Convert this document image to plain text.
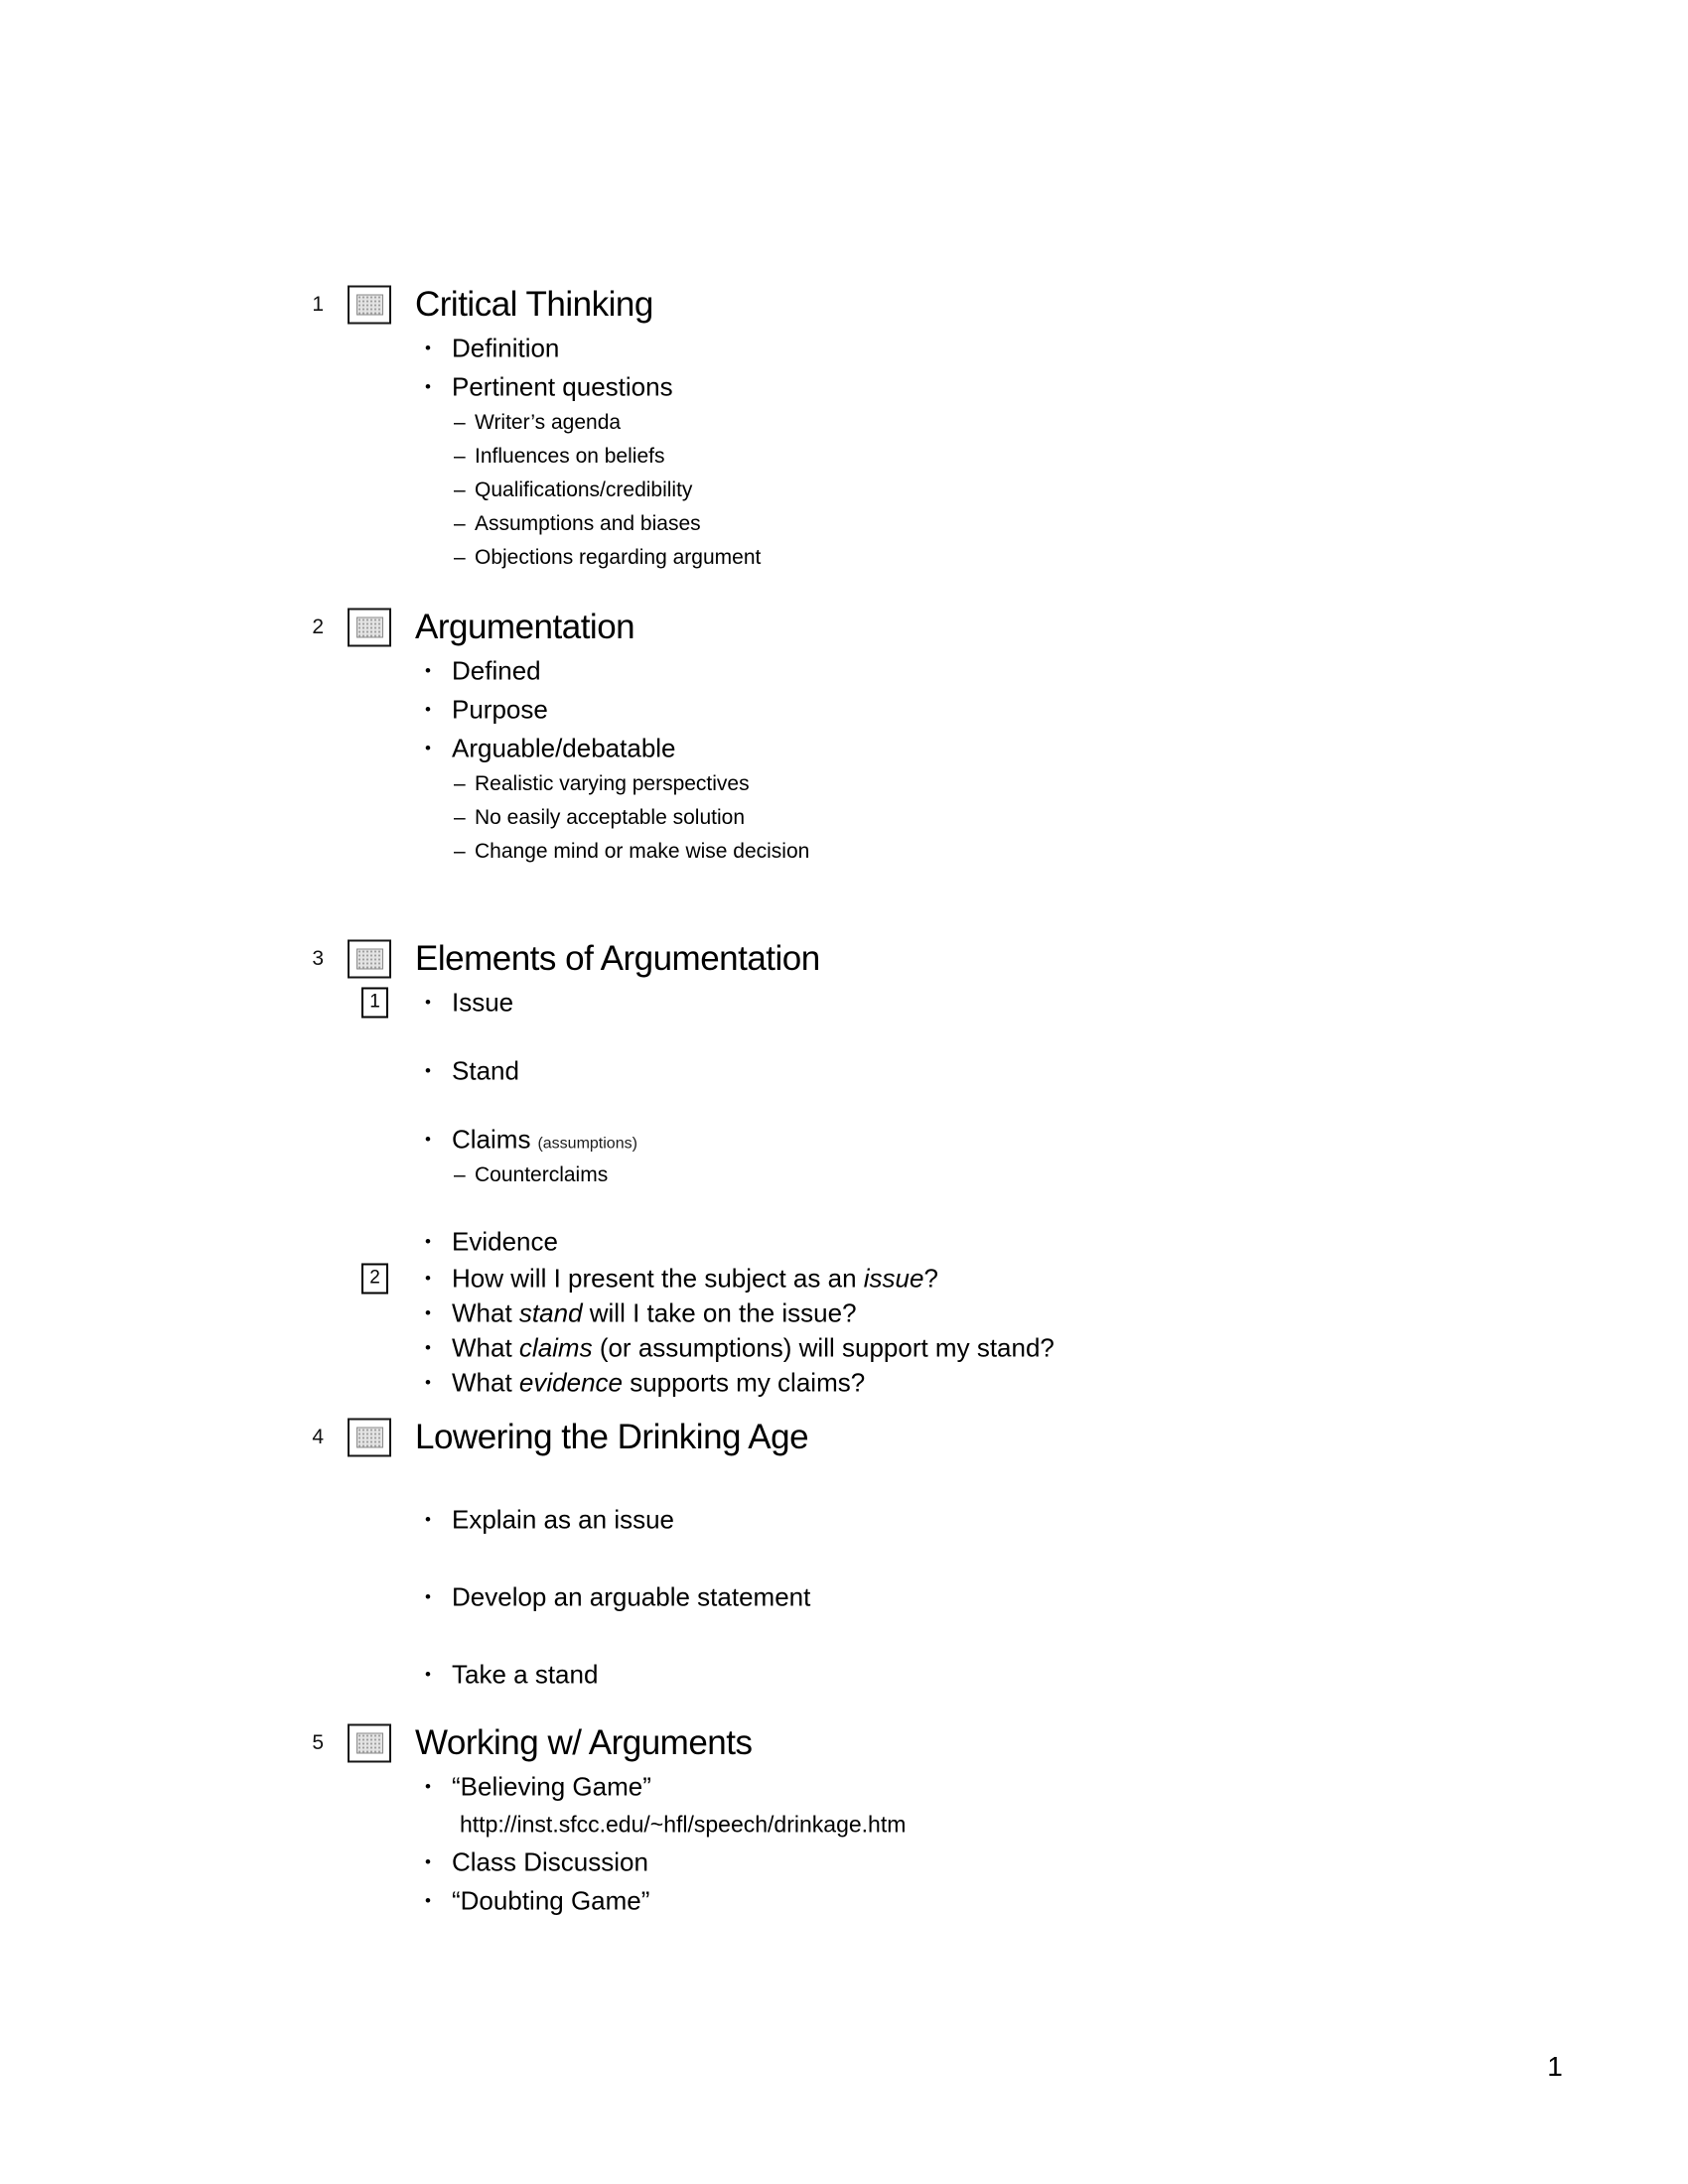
1	Critical Thinking
• Definition
• Pertinent questions
– Writer’s agenda
– Influences on beliefs
– Qualifications/credibility
– Assumptions and biases
– Objections regarding argument
2	Argumentation
• Defined
• Purpose
• Arguable/debatable
– Realistic varying perspectives
– No easily acceptable solution
– Change mind or make wise decision
3	Elements of Argumentation
1	• Issue
• Stand
• Claims (assumptions)
– Counterclaims
• Evidence
2	• How will I present the subject as an issue?
• What stand will I take on the issue?
• What claims (or assumptions) will support my stand?
• What evidence supports my claims?
4	Lowering the Drinking Age
• Explain as an issue
• Develop an arguable statement
• Take a stand
5	Working w/ Arguments
• “Believing Game”
http://inst.sfcc.edu/~hfl/speech/drinkage.htm
• Class Discussion
• “Doubting Game”
1
